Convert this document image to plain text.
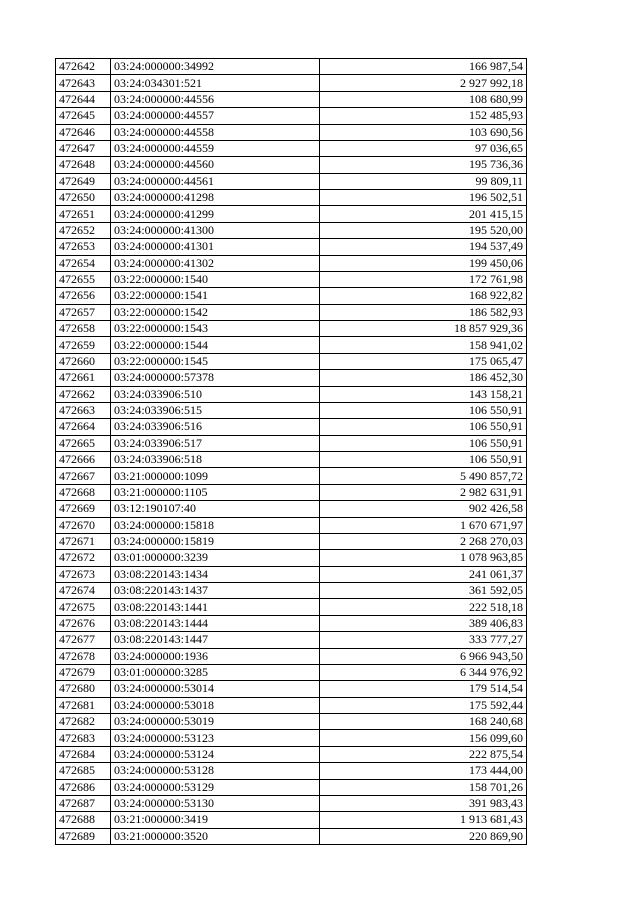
472642	03:24:000000:34992	166 987,54
472643	03:24:034301:521	2 927 992,18
472644	03:24:000000:44556	108 680,99
472645	03:24:000000:44557	152 485,93
472646	03:24:000000:44558	103 690,56
472647	03:24:000000:44559	97 036,65
472648	03:24:000000:44560	195 736,36
472649	03:24:000000:44561	99 809,11
472650	03:24:000000:41298	196 502,51
472651	03:24:000000:41299	201 415,15
472652	03:24:000000:41300	195 520,00
472653	03:24:000000:41301	194 537,49
472654	03:24:000000:41302	199 450,06
472655	03:22:000000:1540	172 761,98
472656	03:22:000000:1541	168 922,82
472657	03:22:000000:1542	186 582,93
472658	03:22:000000:1543	18 857 929,36
472659	03:22:000000:1544	158 941,02
472660	03:22:000000:1545	175 065,47
472661	03:24:000000:57378	186 452,30
472662	03:24:033906:510	143 158,21
472663	03:24:033906:515	106 550,91
472664	03:24:033906:516	106 550,91
472665	03:24:033906:517	106 550,91
472666	03:24:033906:518	106 550,91
472667	03:21:000000:1099	5 490 857,72
472668	03:21:000000:1105	2 982 631,91
472669	03:12:190107:40	902 426,58
472670	03:24:000000:15818	1 670 671,97
472671	03:24:000000:15819	2 268 270,03
472672	03:01:000000:3239	1 078 963,85
472673	03:08:220143:1434	241 061,37
472674	03:08:220143:1437	361 592,05
472675	03:08:220143:1441	222 518,18
472676	03:08:220143:1444	389 406,83
472677	03:08:220143:1447	333 777,27
472678	03:24:000000:1936	6 966 943,50
472679	03:01:000000:3285	6 344 976,92
472680	03:24:000000:53014	179 514,54
472681	03:24:000000:53018	175 592,44
472682	03:24:000000:53019	168 240,68
472683	03:24:000000:53123	156 099,60
472684	03:24:000000:53124	222 875,54
472685	03:24:000000:53128	173 444,00
472686	03:24:000000:53129	158 701,26
472687	03:24:000000:53130	391 983,43
472688	03:21:000000:3419	1 913 681,43
472689	03:21:000000:3520	220 869,90
